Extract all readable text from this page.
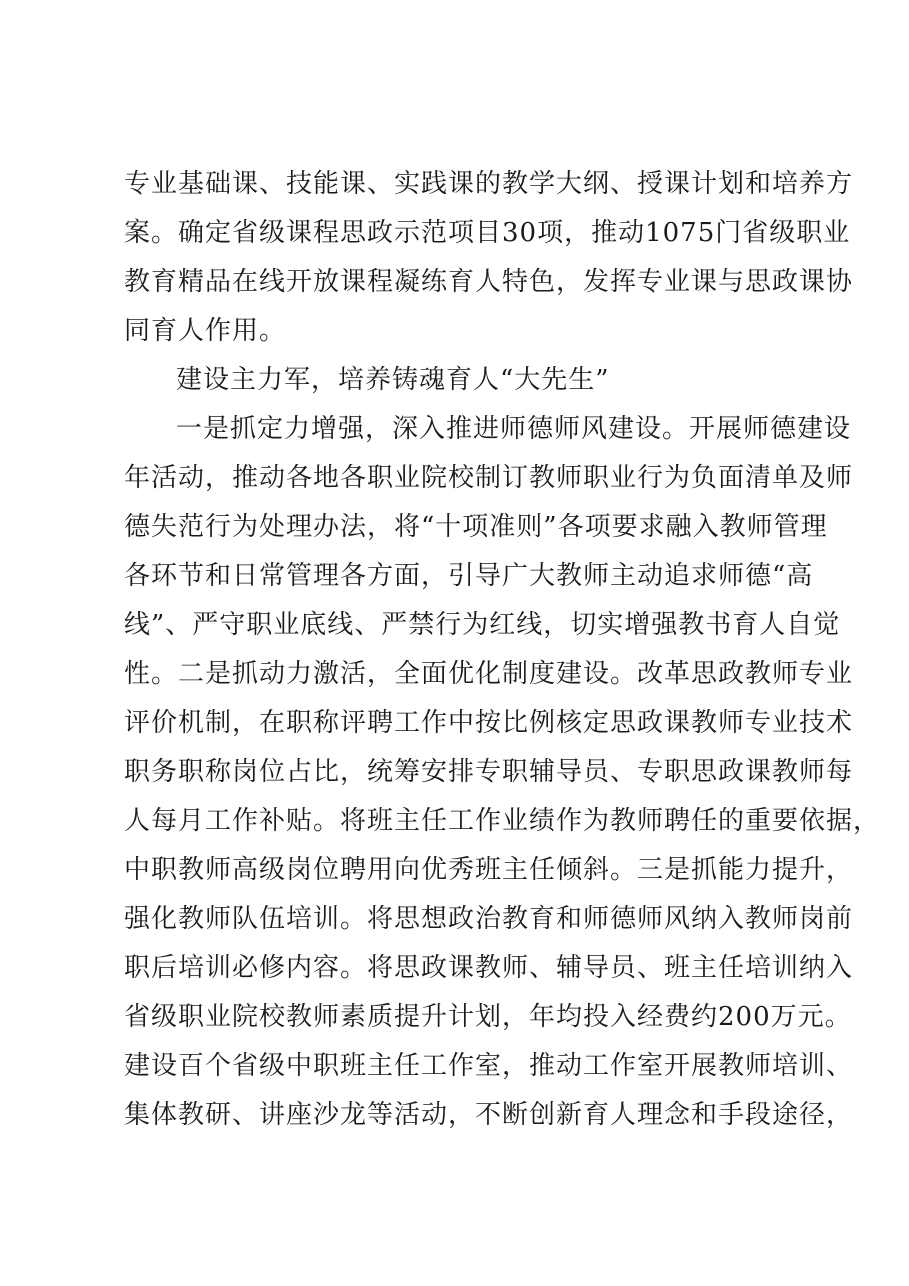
专业基础课、技能课、实践课的教学大纲、授课计划和培养方
案。确定省级课程思政示范项目30项，推动1075门省级职业
教育精品在线开放课程凝练育人特色，发挥专业课与思政课协
同育人作用。
建设主力军，培养铸魂育人“大先生”
一是抓定力增强，深入推进师德师风建设。开展师德建设
年活动，推动各地各职业院校制订教师职业行为负面清单及师
德失范行为处理办法，将“十项准则”各项要求融入教师管理
各环节和日常管理各方面，引导广大教师主动追求师德“高
线”、严守职业底线、严禁行为红线，切实增强教书育人自觉
性。二是抓动力激活，全面优化制度建设。改革思政教师专业
评价机制，在职称评聘工作中按比例核定思政课教师专业技术
职务职称岗位占比，统筹安排专职辅导员、专职思政课教师每
人每月工作补贴。将班主任工作业绩作为教师聘任的重要依据，
中职教师高级岗位聘用向优秀班主任倾斜。三是抓能力提升，
强化教师队伍培训。将思想政治教育和师德师风纳入教师岗前
职后培训必修内容。将思政课教师、辅导员、班主任培训纳入
省级职业院校教师素质提升计划，年均投入经费约200万元。
建设百个省级中职班主任工作室，推动工作室开展教师培训、
集体教研、讲座沙龙等活动，不断创新育人理念和手段途径，
